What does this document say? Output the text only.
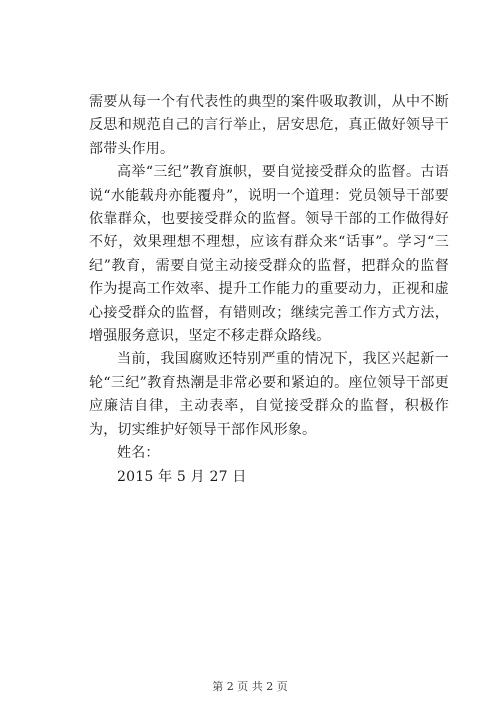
需要从每一个有代表性的典型的案件吸取教训，从中不断反思和规范自己的言行举止，居安思危，真正做好领导干部带头作用。

高举“三纪”教育旗帜，要自觉接受群众的监督。古语说“水能载舟亦能覆舟”，说明一个道理：党员领导干部要依靠群众，也要接受群众的监督。领导干部的工作做得好不好，效果理想不理想，应该有群众来“话事”。学习“三纪”教育，需要自觉主动接受群众的监督，把群众的监督作为提高工作效率、提升工作能力的重要动力，正视和虚心接受群众的监督，有错则改；继续完善工作方式方法，增强服务意识，坚定不移走群众路线。

当前，我国腐败还特别严重的情况下，我区兴起新一轮“三纪”教育热潮是非常必要和紧迫的。座位领导干部更应廉洁自律，主动表率，自觉接受群众的监督，积极作为，切实维护好领导干部作风形象。

姓名：

2015 年 5 月 27 日

第 2 页 共 2 页
